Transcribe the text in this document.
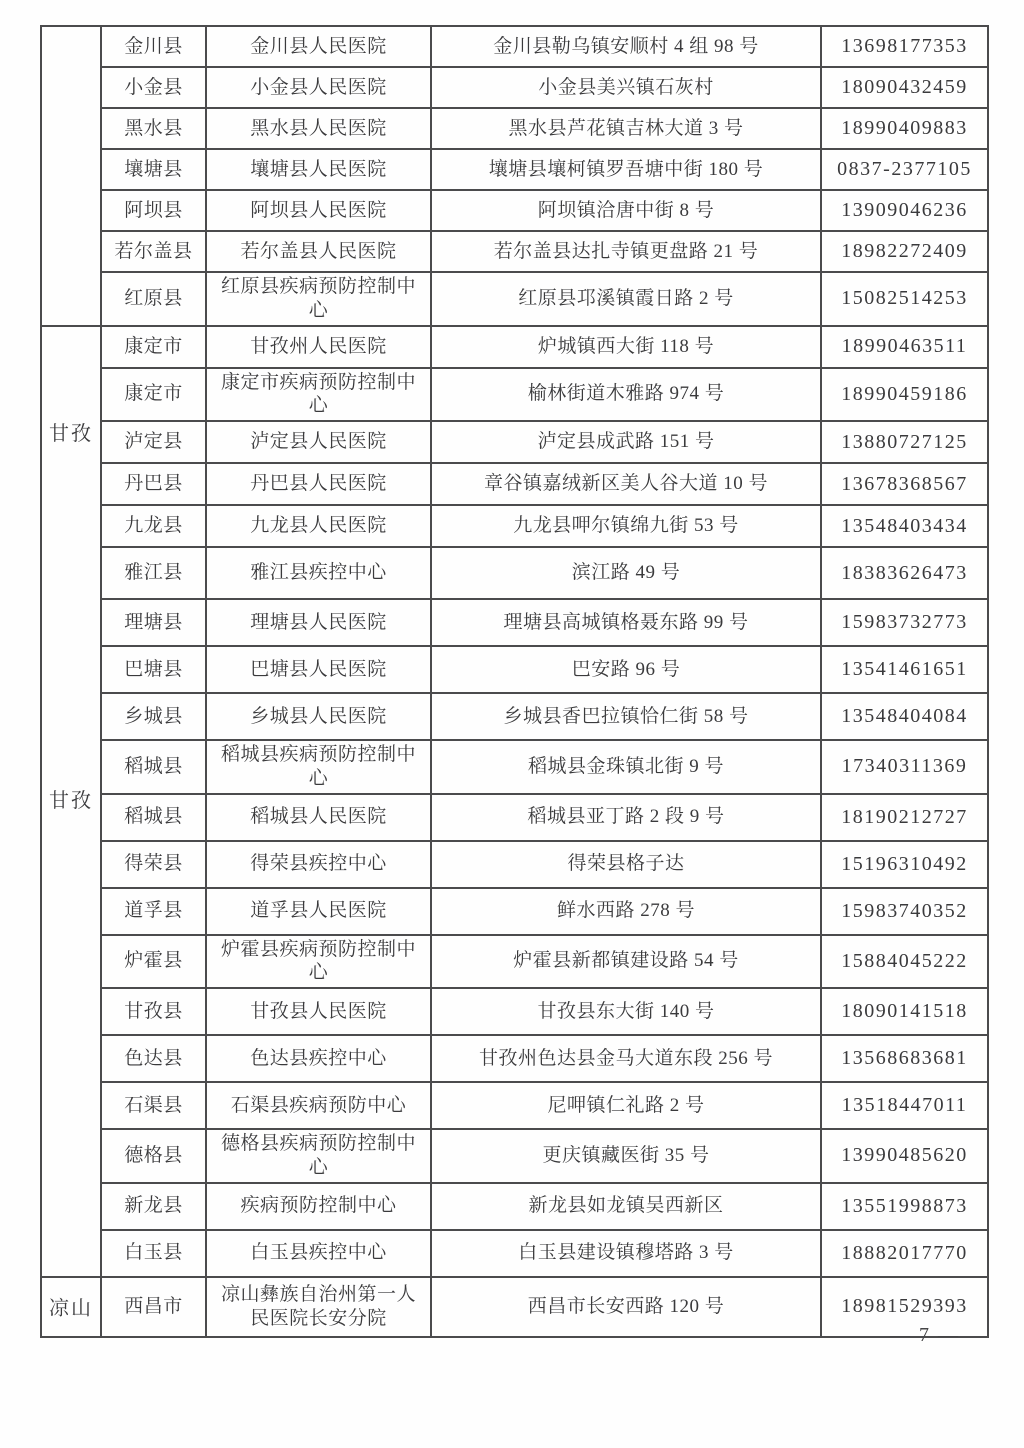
	金川县	金川县人民医院	金川县勒乌镇安顺村 4 组 98 号	13698177353
	小金县	小金县人民医院	小金县美兴镇石灰村	18090432459
	黑水县	黑水县人民医院	黑水县芦花镇吉林大道 3 号	18990409883
	壤塘县	壤塘县人民医院	壤塘县壤柯镇罗吾塘中街 180 号	0837-2377105
	阿坝县	阿坝县人民医院	阿坝镇洽唐中街 8 号	13909046236
	若尔盖县	若尔盖县人民医院	若尔盖县达扎寺镇更盘路 21 号	18982272409
	红原县	红原县疾病预防控制中心	红原县邛溪镇霞日路 2 号	15082514253

甘孜
甘孜	康定市	甘孜州人民医院	炉城镇西大街 118 号	18990463511
	康定市	康定市疾病预防控制中心	榆林街道木雅路 974 号	18990459186
	泸定县	泸定县人民医院	泸定县成武路 151 号	13880727125
	丹巴县	丹巴县人民医院	章谷镇嘉绒新区美人谷大道 10 号	13678368567
	九龙县	九龙县人民医院	九龙县呷尔镇绵九街 53 号	13548403434
	雅江县	雅江县疾控中心	滨江路 49 号	18383626473
	理塘县	理塘县人民医院	理塘县高城镇格聂东路 99 号	15983732773
	巴塘县	巴塘县人民医院	巴安路 96 号	13541461651
	乡城县	乡城县人民医院	乡城县香巴拉镇恰仁街 58 号	13548404084
	稻城县	稻城县疾病预防控制中心	稻城县金珠镇北街 9 号	17340311369
	稻城县	稻城县人民医院	稻城县亚丁路 2 段 9 号	18190212727
	得荣县	得荣县疾控中心	得荣县格子达	15196310492
	道孚县	道孚县人民医院	鲜水西路 278 号	15983740352
	炉霍县	炉霍县疾病预防控制中心	炉霍县新都镇建设路 54 号	15884045222
	甘孜县	甘孜县人民医院	甘孜县东大街 140 号	18090141518
	色达县	色达县疾控中心	甘孜州色达县金马大道东段 256 号	13568683681
	石渠县	石渠县疾病预防中心	尼呷镇仁礼路 2 号	13518447011
	德格县	德格县疾病预防控制中心	更庆镇藏医街 35 号	13990485620
	新龙县	疾病预防控制中心	新龙县如龙镇吴西新区	13551998873
	白玉县	白玉县疾控中心	白玉县建设镇穆塔路 3 号	18882017770

凉山	西昌市	凉山彝族自治州第一人民医院长安分院	西昌市长安西路 120 号	18981529393
— 7 —
